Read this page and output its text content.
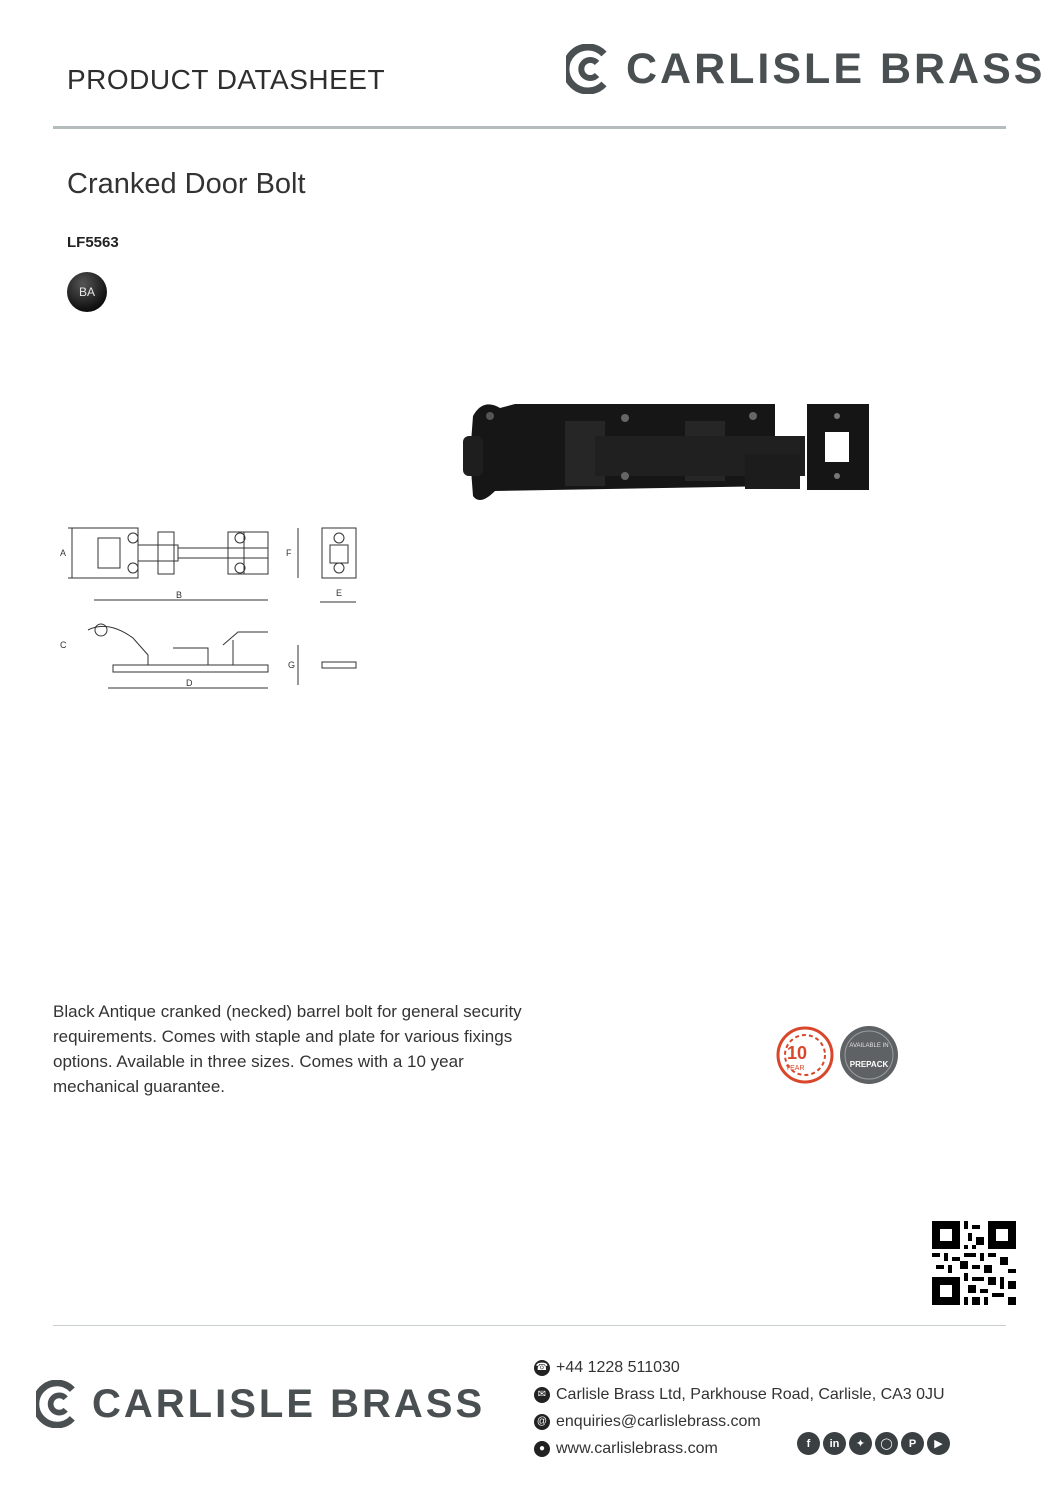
PRODUCT DATASHEET	CARLISLE BRASS
Cranked Door Bolt
LF5563
BA
A
B
F
E
C
D
G
Black Antique cranked (necked) barrel bolt for general security requirements. Comes with staple and plate for various fixings options. Available in three sizes. Comes with a 10 year mechanical guarantee.
10
YEAR
AVAILABLE IN
PREPACK
CARLISLE BRASS
☎ +44 1228 511030
✉ Carlisle Brass Ltd, Parkhouse Road, Carlisle, CA3 0JU
@ enquiries@carlislebrass.com
● www.carlislebrass.com	f	in	✦	◯	P	▶
